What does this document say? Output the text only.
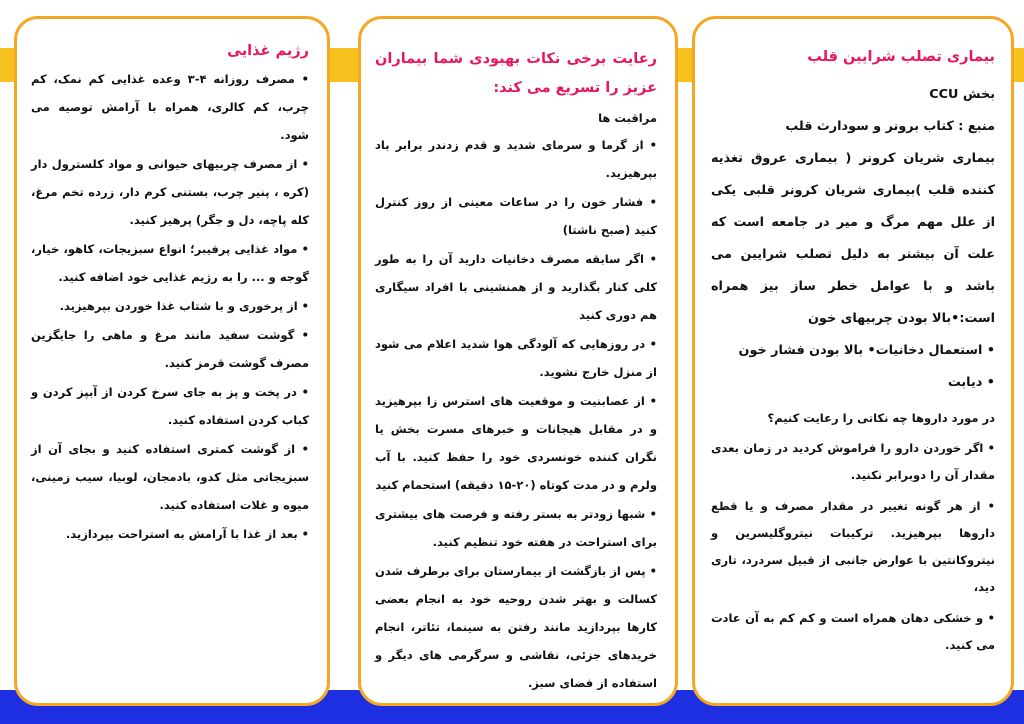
رژیم غذایی

• مصرف روزانه ۴-۳ وعده غذایی کم نمک، کم چرب، کم کالری، همراه با آرامش توصیه می شود.

• از مصرف چربیهای حیوانی و مواد کلسترول دار (کره ، پنیر چرب، بستنی کرم دار، زرده تخم مرغ، کله پاچه، دل و جگر) پرهیز کنید.

• مواد غذایی پرفیبر؛ انواع سبزیجات، کاهو، خیار، گوجه و ... را به رژیم غذایی خود اضافه کنید.

• از پرخوری و با شتاب غذا خوردن بپرهیزید.

• گوشت سفید مانند مرغ و ماهی را جایگزین مصرف گوشت قرمز کنید.

• در پخت و پز به جای سرخ کردن از آبپز کردن و کباب کردن استفاده کنید.

• از گوشت کمتری استفاده کنید و بجای آن از سبزیجاتی مثل کدو، بادمجان، لوبیا، سیب زمینی، میوه و غلات استفاده کنید.

• بعد از غذا با آرامش به استراحت بپردازید.

رعایت برخی نکات بهبودی شما بیماران عزیز را تسریع می کند:
مراقبت ها

• از گرما و سرمای شدید و قدم زدندر برابر باد بپرهیزید.

• فشار خون را در ساعات معینی از روز کنترل کنید (صبح ناشتا)

• اگر سابقه مصرف دخانیات دارید آن را به طور کلی کنار بگذارید و از همنشینی با افراد سیگاری هم دوری کنید

• در روزهایی که آلودگی هوا شدید اعلام می شود از منزل خارج نشوید.

• از عصابنیت و موقعیت های استرس زا بپرهیزید و در مقابل هیجانات و خبرهای مسرت بخش یا نگران کننده خونسردی خود را حفظ کنید. با آب ولرم و در مدت کوتاه (۲۰-۱۵ دقیقه) استحمام کنید

• شبها زودتر به بستر رفته و فرصت های بیشتری برای استراحت در هفته خود تنظیم کنید.

• پس از بازگشت از بیمارستان برای برطرف شدن کسالت و بهتر شدن روحیه خود به انجام بعضی کارها بپردازید مانند رفتن به سینما، تئاتر، انجام خریدهای جزئی، نقاشی و سرگرمی های دیگر و استفاده از فضای سبز.

بیماری تصلب شرایین قلب

بخش CCU

منبع : کتاب برونر و سودارث قلب

بیماری شریان کرونر ( بیماری عروق تغذیه کننده قلب )بیماری شریان کرونر قلبی یکی از علل مهم مرگ و میر در جامعه است که علت آن بیشتر به دلیل تصلب شرایین می باشد و با عوامل خطر ساز بیز همراه است:•بالا بودن چربیهای خون

• استعمال دخانیات• بالا بودن فشار خون

• دیابت

در مورد داروها چه نکاتی را رعایت کنیم؟

• اگر خوردن دارو را فراموش کردید در زمان بعدی مقدار آن را دوبرابر نکنید.

• از هر گونه تغییر در مقدار مصرف و یا قطع داروها بپرهیزید. ترکیبات نیتروگلیسرین و نیتروکانتین با عوارض جانبی از قبیل سردرد، تاری دید،

• و خشکی دهان همراه است و کم کم به آن عادت می کنید.
